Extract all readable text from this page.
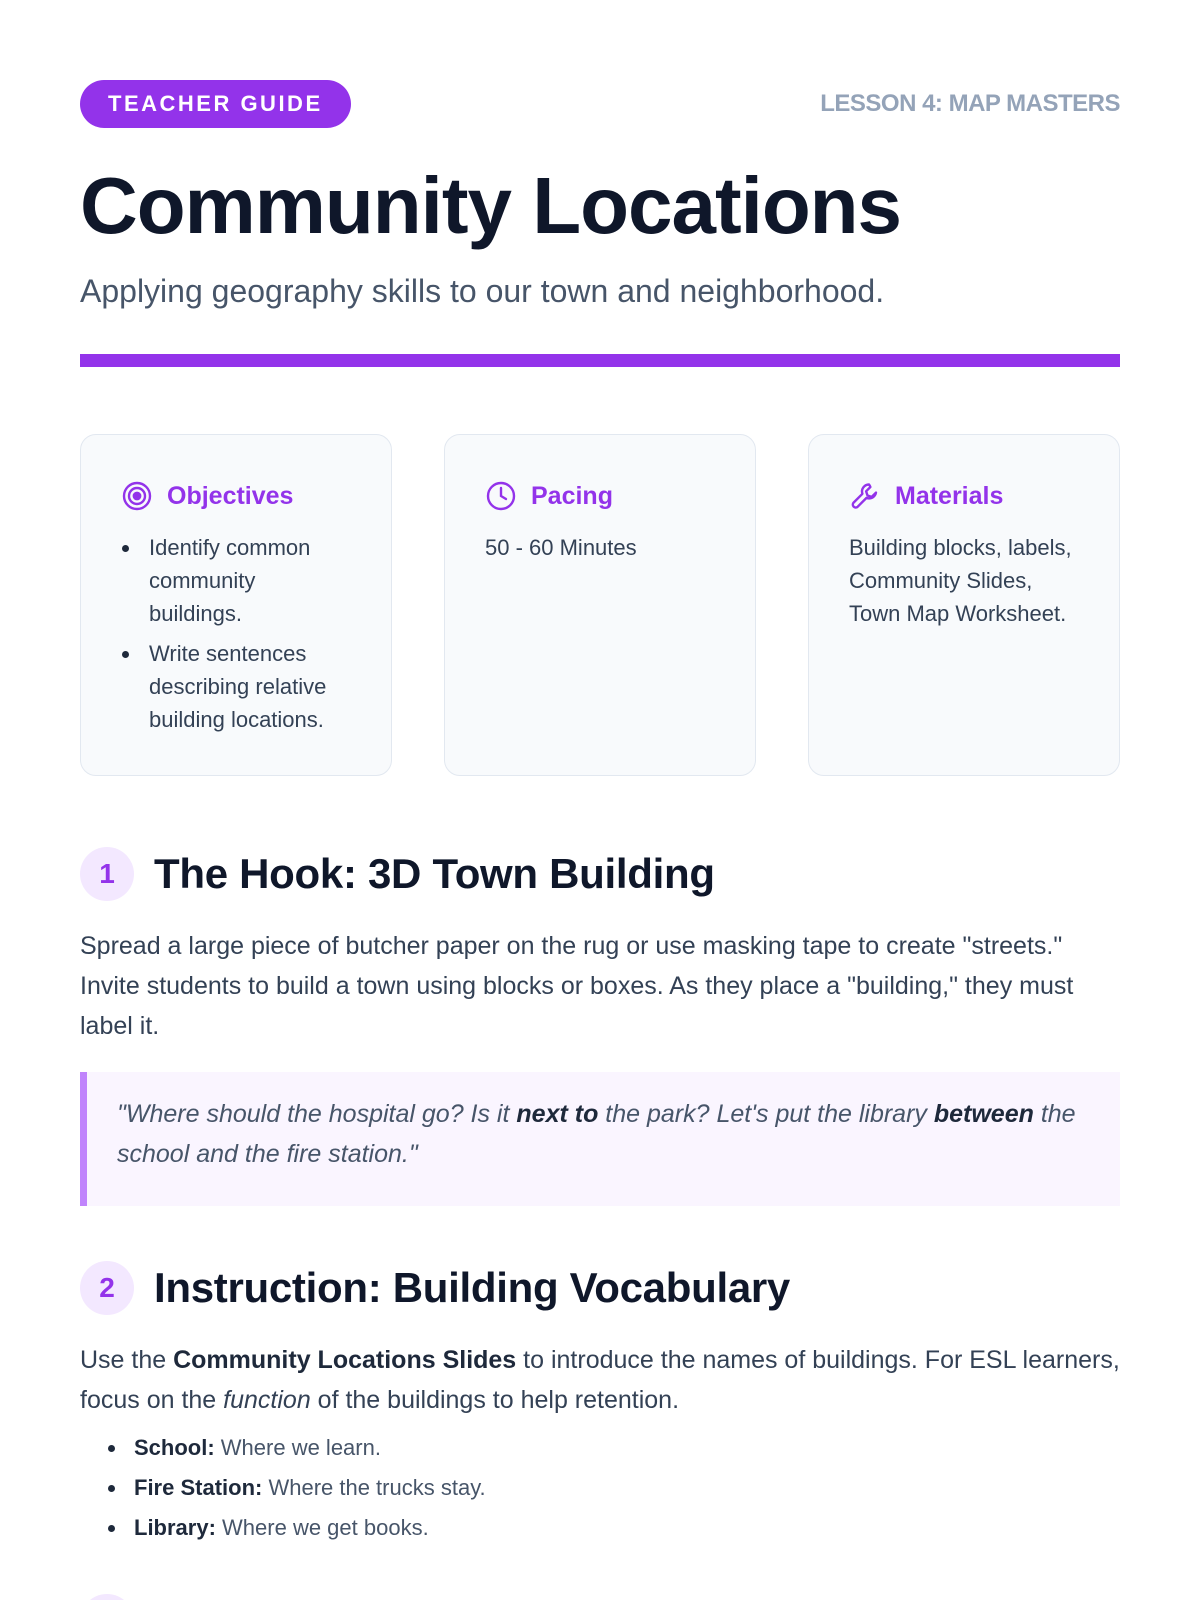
TEACHER GUIDE	LESSON 4: MAP MASTERS
Community Locations

Applying geography skills to our town and neighborhood.

Objectives
Identify common community buildings.
Write sentences describing relative building locations.
Pacing

50 - 60 Minutes

Materials

Building blocks, labels, Community Slides, Town Map Worksheet.

1 The Hook: 3D Town Building

Spread a large piece of butcher paper on the rug or use masking tape to create "streets." Invite students to build a town using blocks or boxes. As they place a "building," they must label it.

"Where should the hospital go? Is it next to the park? Let's put the library between the school and the fire station."
2 Instruction: Building Vocabulary

Use the Community Locations Slides to introduce the names of buildings. For ESL learners, focus on the function of the buildings to help retention.

School: Where we learn.
Fire Station: Where the trucks stay.
Library: Where we get books.
